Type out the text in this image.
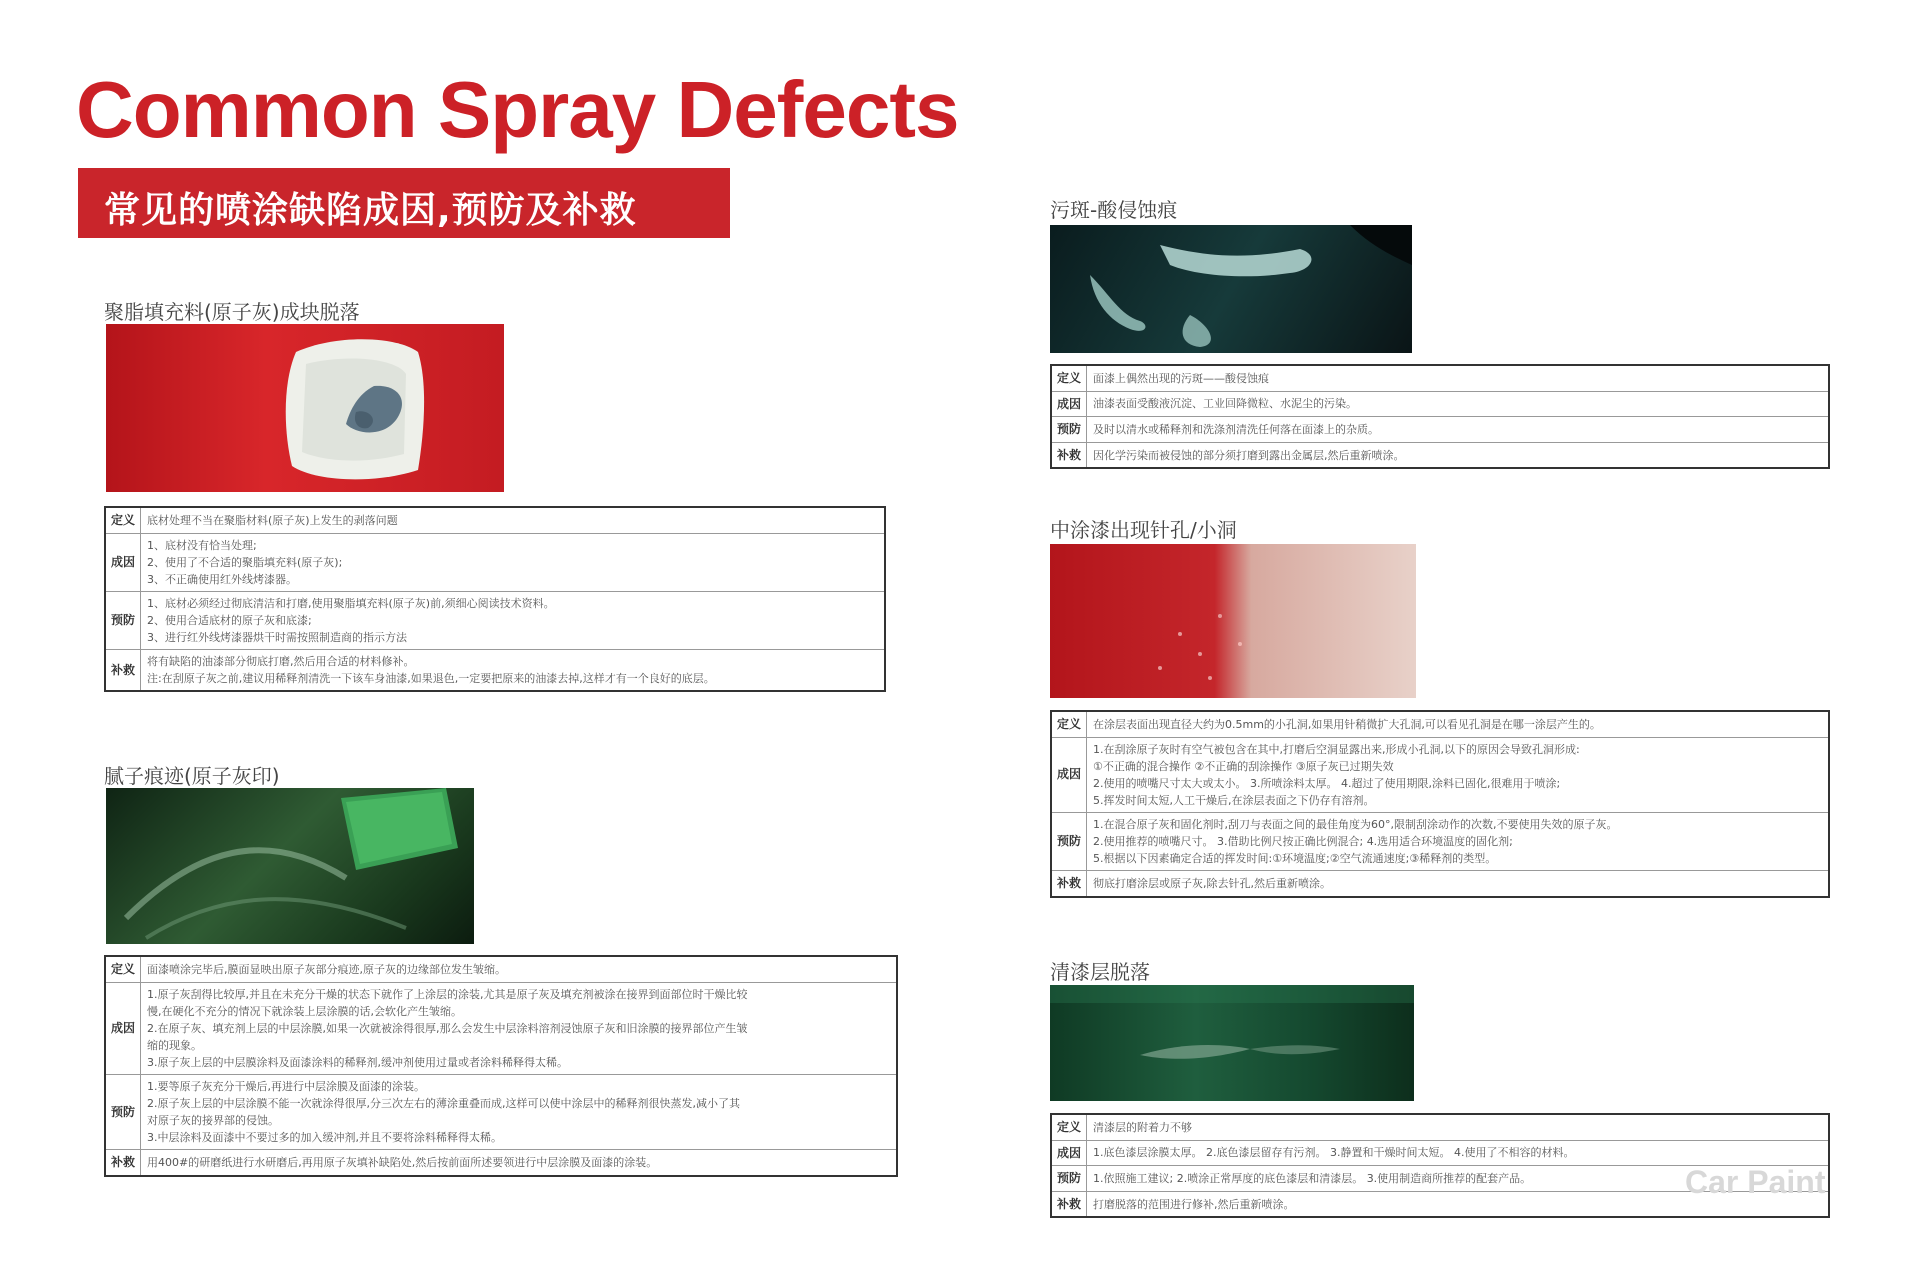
Common Spray Defects
常见的喷涂缺陷成因,预防及补救
聚脂填充料(原子灰)成块脱落
定义	底材处理不当在聚脂材料(原子灰)上发生的剥落问题

成因	1、底材没有恰当处理;
2、使用了不合适的聚脂填充料(原子灰);
3、不正确使用红外线烤漆器。

预防	1、底材必须经过彻底清洁和打磨,使用聚脂填充料(原子灰)前,须细心阅读技术资料。
2、使用合适底材的原子灰和底漆;
3、进行红外线烤漆器烘干时需按照制造商的指示方法

补救	将有缺陷的油漆部分彻底打磨,然后用合适的材料修补。
注:在刮原子灰之前,建议用稀释剂清洗一下该车身油漆,如果退色,一定要把原来的油漆去掉,这样才有一个良好的底层。
腻子痕迹(原子灰印)
定义	面漆喷涂完毕后,膜面显映出原子灰部分痕迹,原子灰的边缘部位发生皱缩。

成因	1.原子灰刮得比较厚,并且在未充分干燥的状态下就作了上涂层的涂装,尤其是原子灰及填充剂被涂在接界到面部位时干燥比较
慢,在硬化不充分的情况下就涂装上层涂膜的话,会软化产生皱缩。
2.在原子灰、填充剂上层的中层涂膜,如果一次就被涂得很厚,那么会发生中层涂料溶剂浸蚀原子灰和旧涂膜的接界部位产生皱
缩的现象。
3.原子灰上层的中层膜涂料及面漆涂料的稀释剂,缓冲剂使用过量或者涂料稀释得太稀。

预防	1.要等原子灰充分干燥后,再进行中层涂膜及面漆的涂装。
2.原子灰上层的中层涂膜不能一次就涂得很厚,分三次左右的薄涂重叠而成,这样可以使中涂层中的稀释剂很快蒸发,减小了其
对原子灰的接界部的侵蚀。
3.中层涂料及面漆中不要过多的加入缓冲剂,并且不要将涂料稀释得太稀。

补救	用400#的研磨纸进行水研磨后,再用原子灰填补缺陷处,然后按前面所述要领进行中层涂膜及面漆的涂装。
污斑-酸侵蚀痕
定义	面漆上偶然出现的污斑——酸侵蚀痕

成因	油漆表面受酸液沉淀、工业回降微粒、水泥尘的污染。

预防	及时以清水或稀释剂和洗涤剂清洗任何落在面漆上的杂质。

补救	因化学污染而被侵蚀的部分须打磨到露出金属层,然后重新喷涂。
中涂漆出现针孔/小洞
定义	在涂层表面出现直径大约为0.5mm的小孔洞,如果用针稍微扩大孔洞,可以看见孔洞是在哪一涂层产生的。

成因	1.在刮涂原子灰时有空气被包含在其中,打磨后空洞显露出来,形成小孔洞,以下的原因会导致孔洞形成:
①不正确的混合操作 ②不正确的刮涂操作 ③原子灰已过期失效
2.使用的喷嘴尺寸太大或太小。 3.所喷涂料太厚。 4.超过了使用期限,涂料已固化,很难用于喷涂;
5.挥发时间太短,人工干燥后,在涂层表面之下仍存有溶剂。

预防	1.在混合原子灰和固化剂时,刮刀与表面之间的最佳角度为60°,限制刮涂动作的次数,不要使用失效的原子灰。
2.使用推荐的喷嘴尺寸。 3.借助比例尺按正确比例混合; 4.选用适合环境温度的固化剂;
5.根据以下因素确定合适的挥发时间:①环境温度;②空气流通速度;③稀释剂的类型。

补救	彻底打磨涂层或原子灰,除去针孔,然后重新喷涂。
清漆层脱落
定义	清漆层的附着力不够

成因	1.底色漆层涂膜太厚。 2.底色漆层留存有污剂。 3.静置和干燥时间太短。 4.使用了不相容的材料。

预防	1.依照施工建议; 2.喷涂正常厚度的底色漆层和清漆层。 3.使用制造商所推荐的配套产品。

补救	打磨脱落的范围进行修补,然后重新喷涂。
Car Paint
